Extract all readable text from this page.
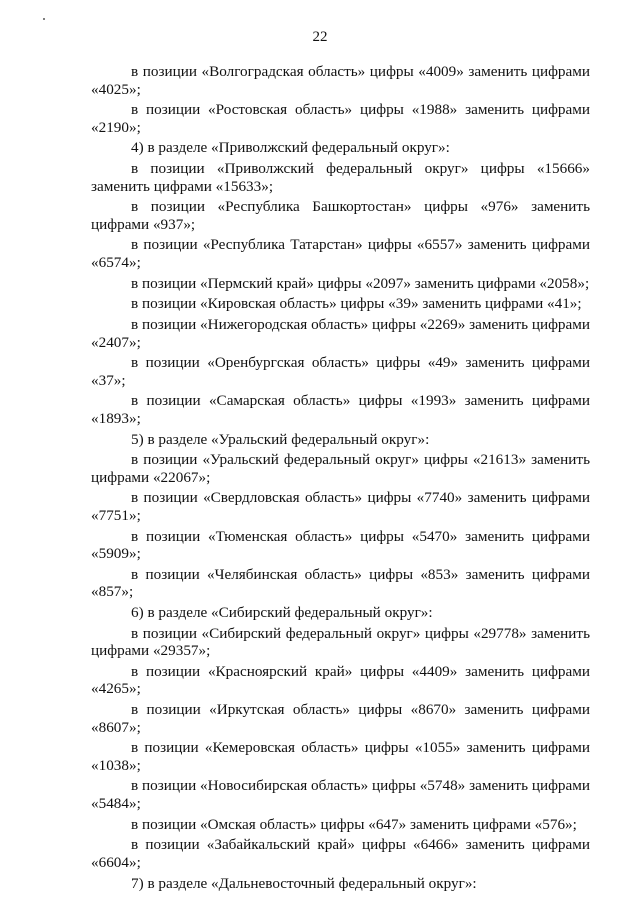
22

в позиции «Волгоградская область» цифры «4009» заменить цифрами «4025»;

в позиции «Ростовская область» цифры «1988» заменить цифрами «2190»;

4) в разделе «Приволжский федеральный округ»:

в позиции «Приволжский федеральный округ» цифры «15666» заменить цифрами «15633»;

в позиции «Республика Башкортостан» цифры «976» заменить цифрами «937»;

в позиции «Республика Татарстан» цифры «6557» заменить цифрами «6574»;

в позиции «Пермский край» цифры «2097» заменить цифрами «2058»;

в позиции «Кировская область» цифры «39» заменить цифрами «41»;

в позиции «Нижегородская область» цифры «2269» заменить цифрами «2407»;

в позиции «Оренбургская область» цифры «49» заменить цифрами «37»;

в позиции «Самарская область» цифры «1993» заменить цифрами «1893»;

5) в разделе «Уральский федеральный округ»:

в позиции «Уральский федеральный округ» цифры «21613» заменить цифрами «22067»;

в позиции «Свердловская область» цифры «7740» заменить цифрами «7751»;

в позиции «Тюменская область» цифры «5470» заменить цифрами «5909»;

в позиции «Челябинская область» цифры «853» заменить цифрами «857»;

6) в разделе «Сибирский федеральный округ»:

в позиции «Сибирский федеральный округ» цифры «29778» заменить цифрами «29357»;

в позиции «Красноярский край» цифры «4409» заменить цифрами «4265»;

в позиции «Иркутская область» цифры «8670» заменить цифрами «8607»;

в позиции «Кемеровская область» цифры «1055» заменить цифрами «1038»;

в позиции «Новосибирская область» цифры «5748» заменить цифрами «5484»;

в позиции «Омская область» цифры «647» заменить цифрами «576»;

в позиции «Забайкальский край» цифры «6466» заменить цифрами «6604»;

7) в разделе «Дальневосточный федеральный округ»:
